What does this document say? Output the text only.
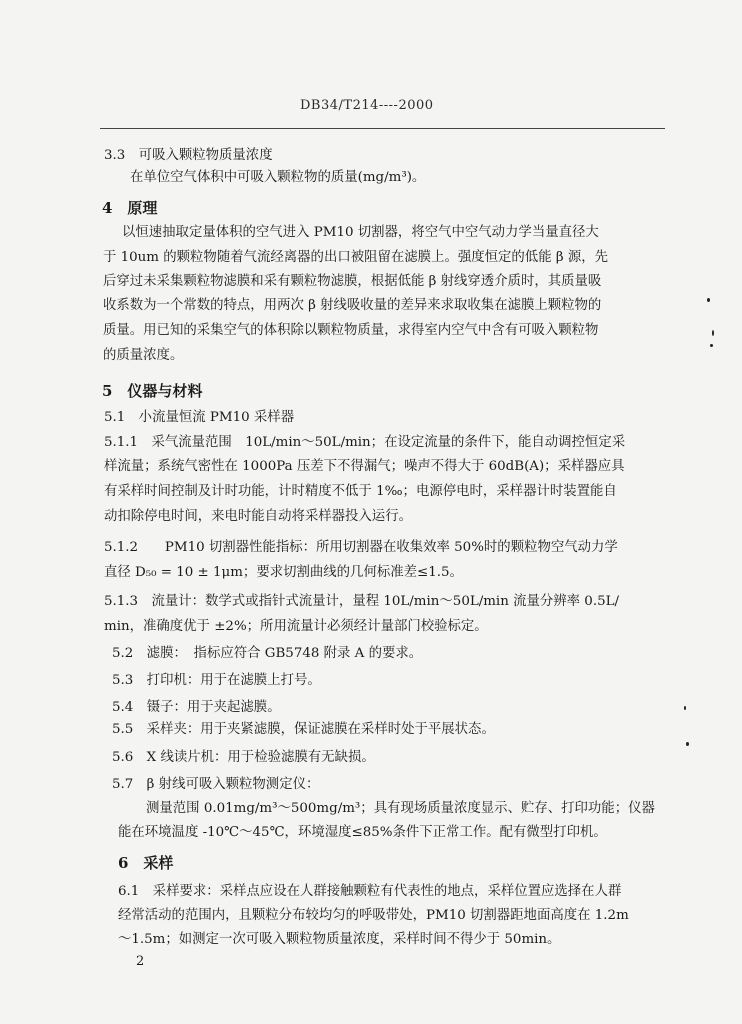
DB34/T214----2000
3.3　可吸入颗粒物质量浓度
在单位空气体积中可吸入颗粒物的质量(mg/m³)。
4　原理
以恒速抽取定量体积的空气进入 PM10 切割器，将空气中空气动力学当量直径大
于 10um 的颗粒物随着气流经离器的出口被阻留在滤膜上。强度恒定的低能 β 源，先
后穿过未采集颗粒物滤膜和采有颗粒物滤膜，根据低能 β 射线穿透介质时，其质量吸
收系数为一个常数的特点，用两次 β 射线吸收量的差异来求取收集在滤膜上颗粒物的
质量。用已知的采集空气的体积除以颗粒物质量，求得室内空气中含有可吸入颗粒物
的质量浓度。
5　仪器与材料
5.1　小流量恒流 PM10 采样器
5.1.1　采气流量范围　10L/min～50L/min；在设定流量的条件下，能自动调控恒定采
样流量；系统气密性在 1000Pa 压差下不得漏气；噪声不得大于 60dB(A)；采样器应具
有采样时间控制及计时功能，计时精度不低于 1‰；电源停电时，采样器计时装置能自
动扣除停电时间，来电时能自动将采样器投入运行。
5.1.2　　PM10 切割器性能指标：所用切割器在收集效率 50%时的颗粒物空气动力学
直径 D₅₀ = 10 ± 1μm；要求切割曲线的几何标准差≤1.5。
5.1.3　流量计：数学式或指针式流量计，量程 10L/min～50L/min 流量分辨率 0.5L/
min，准确度优于 ±2%；所用流量计必须经计量部门校验标定。
5.2　滤膜：　指标应符合 GB5748 附录 A 的要求。
5.3　打印机：用于在滤膜上打号。
5.4　镊子：用于夹起滤膜。
5.5　采样夹：用于夹紧滤膜，保证滤膜在采样时处于平展状态。
5.6　X 线读片机：用于检验滤膜有无缺损。
5.7　β 射线可吸入颗粒物测定仪：
测量范围 0.01mg/m³～500mg/m³；具有现场质量浓度显示、贮存、打印功能；仪器
能在环境温度 -10℃～45℃，环境湿度≤85%条件下正常工作。配有微型打印机。
6　采样
6.1　采样要求：采样点应设在人群接触颗粒有代表性的地点，采样位置应选择在人群
经常活动的范围内，且颗粒分布较均匀的呼吸带处，PM10 切割器距地面高度在 1.2m
～1.5m；如测定一次可吸入颗粒物质量浓度，采样时间不得少于 50min。
2
